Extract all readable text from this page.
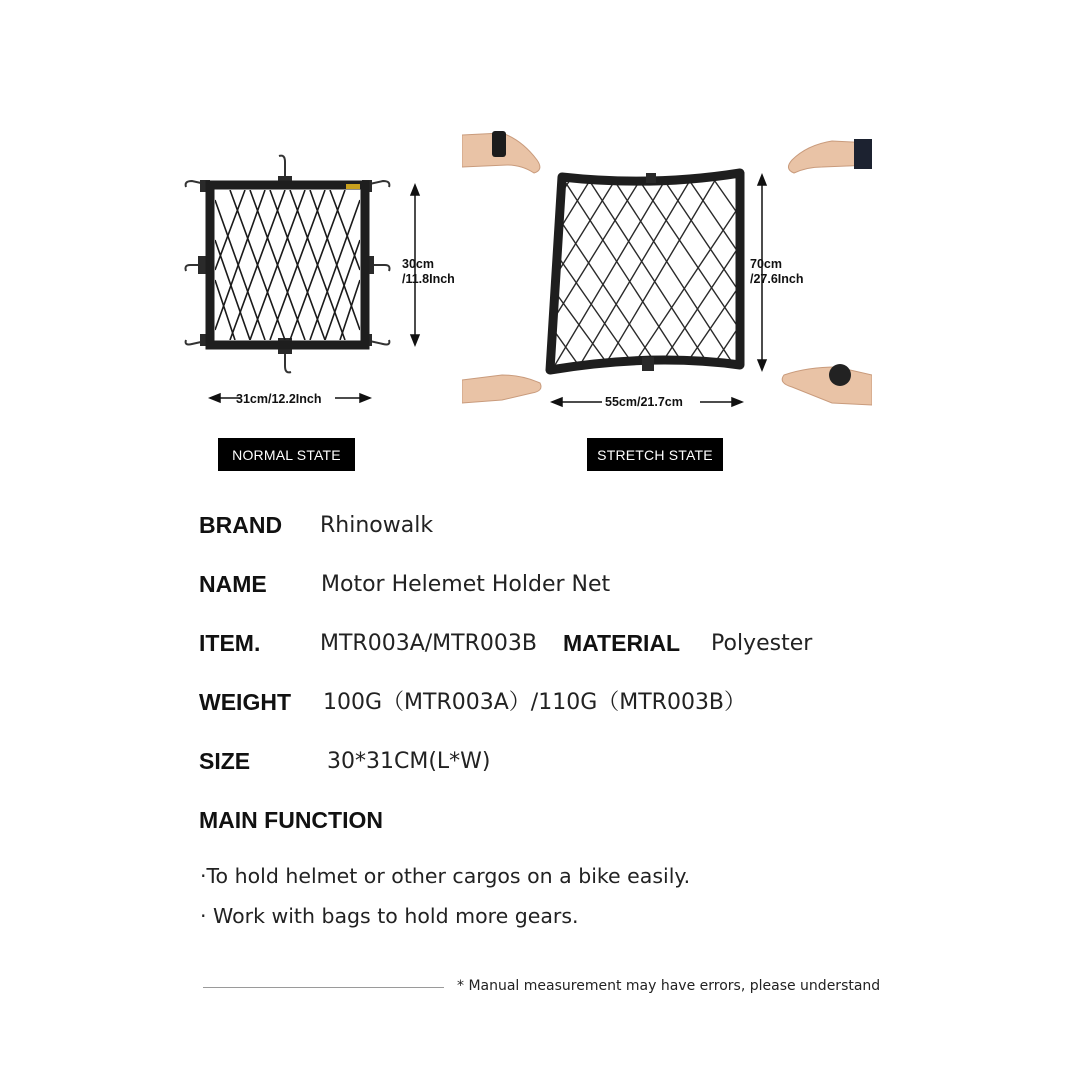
30cm
/11.8Inch
31cm/12.2Inch
70cm
/27.6Inch
55cm/21.7cm
NORMAL STATE	STRETCH STATE
BRAND Rhinowalk
NAME Motor Helemet Holder Net
ITEM.	MTR003A/MTR003B MATERIAL Polyester
WEIGHT 100G（MTR003A）/110G（MTR003B）
SIZE	30*31CM(L*W)
MAIN FUNCTION
·To hold helmet or other cargos on a bike easily.
· Work with bags to hold more gears.
* Manual measurement may have errors, please understand
